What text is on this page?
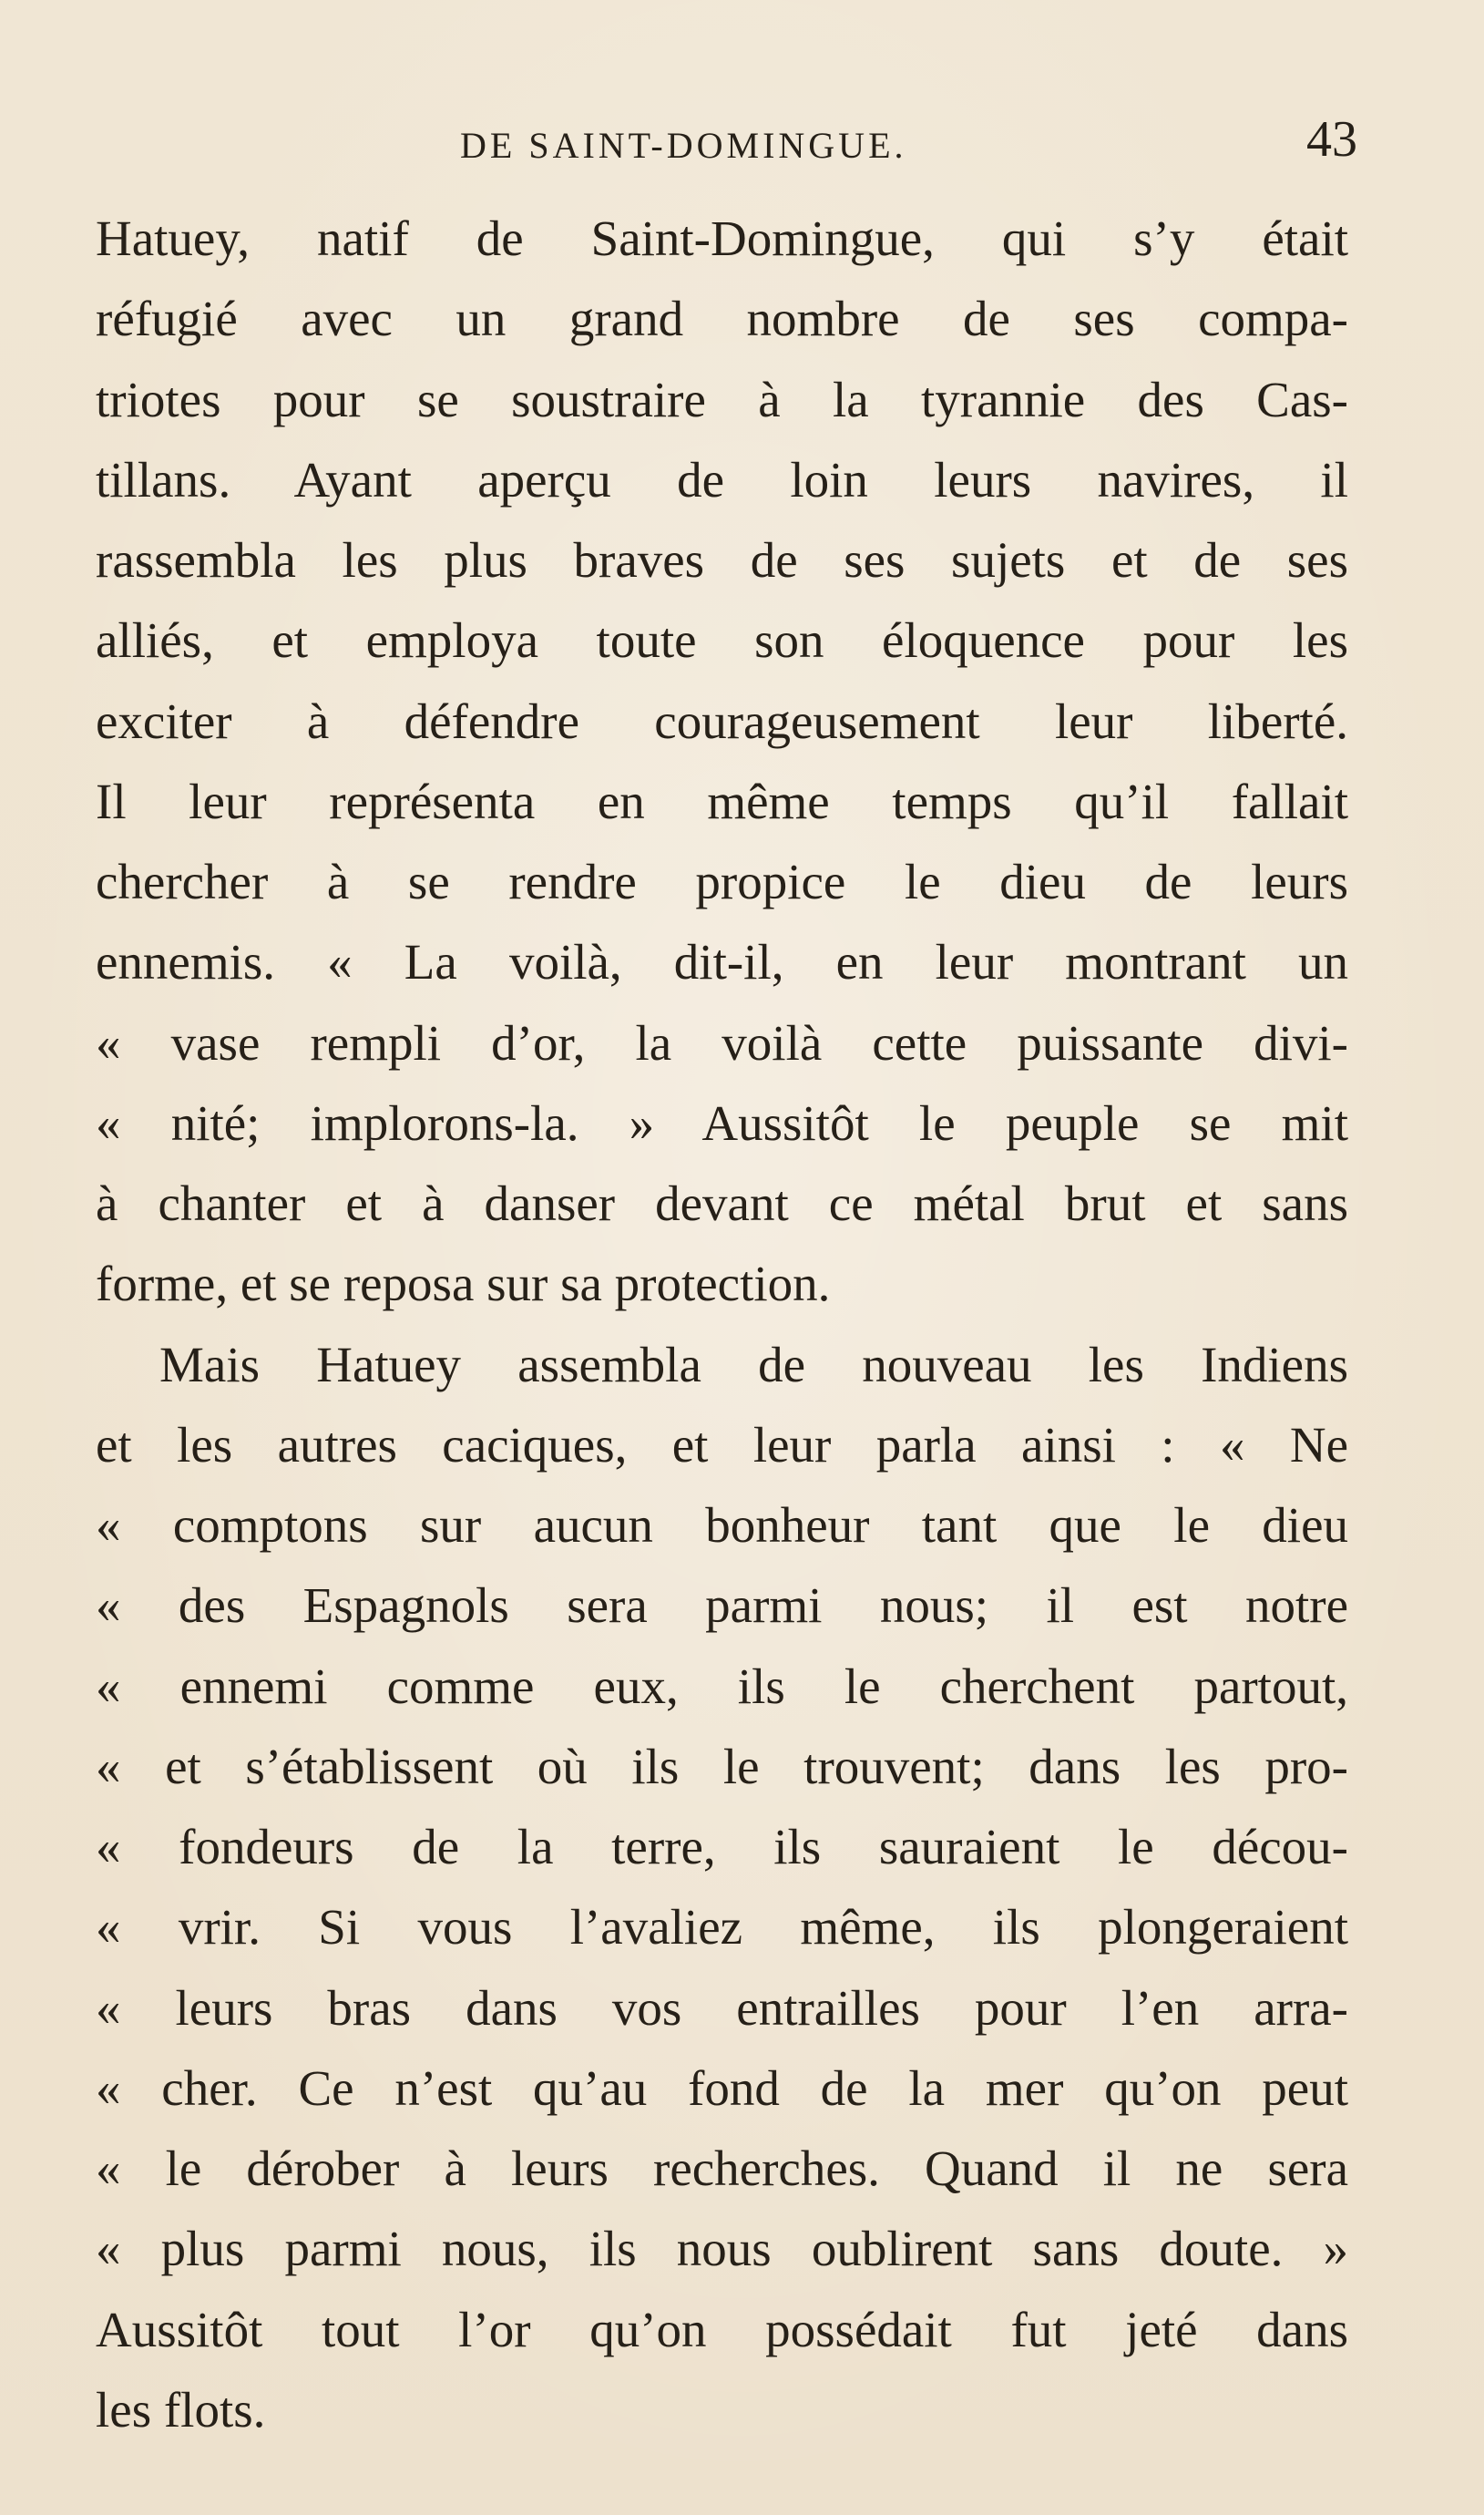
DE SAINT-DOMINGUE.	43
Hatuey, natif de Saint-Domingue, qui s’y était
réfugié avec un grand nombre de ses compa-
triotes pour se soustraire à la tyrannie des Cas-
tillans. Ayant aperçu de loin leurs navires, il
rassembla les plus braves de ses sujets et de ses
alliés, et employa toute son éloquence pour les
exciter à défendre courageusement leur liberté.
Il leur représenta en même temps qu’il fallait
chercher à se rendre propice le dieu de leurs
ennemis. « La voilà, dit-il, en leur montrant un
« vase rempli d’or, la voilà cette puissante divi-
« nité; implorons-la. » Aussitôt le peuple se mit
à chanter et à danser devant ce métal brut et sans
forme, et se reposa sur sa protection.
Mais Hatuey assembla de nouveau les Indiens
et les autres caciques, et leur parla ainsi : « Ne
« comptons sur aucun bonheur tant que le dieu
« des Espagnols sera parmi nous; il est notre
« ennemi comme eux, ils le cherchent partout,
« et s’établissent où ils le trouvent; dans les pro-
« fondeurs de la terre, ils sauraient le décou-
« vrir. Si vous l’avaliez même, ils plongeraient
« leurs bras dans vos entrailles pour l’en arra-
« cher. Ce n’est qu’au fond de la mer qu’on peut
« le dérober à leurs recherches. Quand il ne sera
« plus parmi nous, ils nous oublirent sans doute. »
Aussitôt tout l’or qu’on possédait fut jeté dans
les flots.
